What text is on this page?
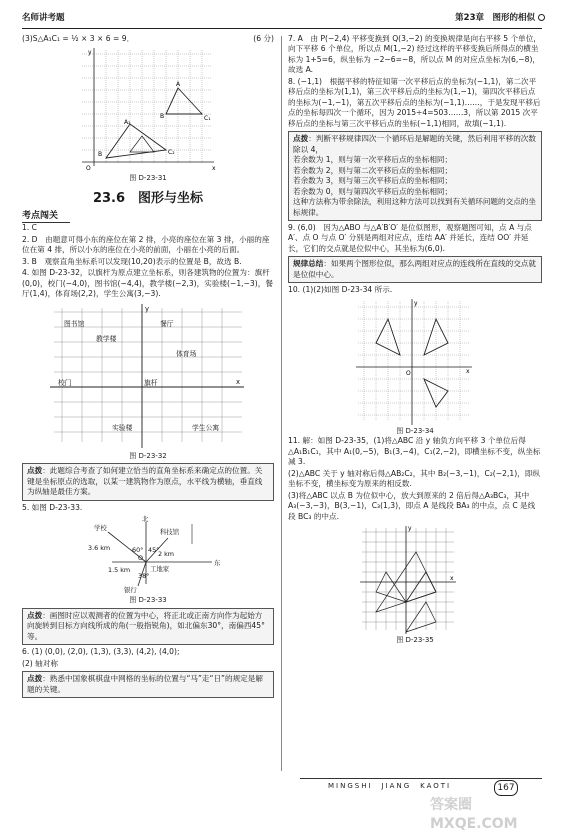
名师讲考题	第23章　图形的相似
(3)S△A₁C₁ = ½ × 3 × 6 = 9．	(6 分)
A
B	C₁
A₂
B	C₂
O	x
y
图 D-23-31
23.6　图形与坐标
考点闯关

1. C

2. D　由题意可得小东的座位在第 2 排，小亮的座位在第 3 排，小丽的座位在第 4 排，所以小东的座位在小亮的前面，小丽在小亮的后面。

3. B　观察直角坐标系可以发现(10,20)表示的位置是 B，故选 B.

4. 如图 D-23-32，以旗杆为原点建立坐标系，则各建筑物的位置为：旗杆(0,0)，校门(−4,0)，图书馆(−4,4)，教学楼(−2,3)，实验楼(−1,−3)，餐厅(1,4)，体育场(2,2)，学生公寓(3,−3).

图书馆	餐厅
教学楼
体育场
校门	旗杆
实验楼	学生公寓
y
x
图 D-23-32
点拨：此题综合考查了如何建立恰当的直角坐标系来确定点的位置。关键是坐标原点的选取，以某一建筑物作为原点，水平线为横轴，垂直线为纵轴是最佳方案。

5. 如图 D-23-33.

北
学校	科技馆
3.6 km
2 km
1.5 km
60° 45°
38°
东
工地家
银行
O
图 D-23-33
点拨：画图时应以观测者的位置为中心，将正北或正南方向作为起始方向旋转到目标方向线所成的角(一般指锐角)，如北偏东30°，南偏西45°等。

6. (1) (0,0), (2,0), (1,3), (3,3), (4,2), (4,0);

(2) 轴对称

点拨：熟悉中国象棋棋盘中网格的坐标的位置与“马”走“日”的规定是解题的关键。

7. A　由 P(−2,4) 平移变换到 Q(3,−2) 的变换规律是向右平移 5 个单位，向下平移 6 个单位，所以点 M(1,−2) 经过这样的平移变换后所得点的横坐标为 1+5=6，纵坐标为 −2−6=−8，所以点 M 的对应点坐标为(6,−8)，故选 A.

8. (−1,1)　根据平移的特征知第一次平移后点的坐标为(−1,1)，第二次平移后点的坐标为(1,1)，第三次平移后点的坐标为(1,−1)，第四次平移后点的坐标为(−1,−1)，第五次平移后点的坐标为(−1,1)……，于是发现平移后点的坐标每四次一个循环，因为 2015÷4=503……3，所以第 2015 次平移后点的坐标与第三次平移后点的坐标(−1,1)相同，故填(−1,1).

点拨：判断平移规律四次一个循环后是解题的关键，然后利用平移的次数除以 4，
若余数为 1，则与第一次平移后点的坐标相同；
若余数为 2，则与第二次平移后点的坐标相同；
若余数为 3，则与第三次平移后点的坐标相同；
若余数为 0，则与第四次平移后点的坐标相同；
这种方法称为带余除法，利用这种方法可以找到有关循环问题的交点的坐标规律。

9. (6,0)　因为△ABO 与△A′B′O′ 是位似图形，观察题图可知，点 A 与点 A′、点 O 与点 O′ 分别是两组对应点，连结 AA′ 并延长，连结 OO′ 并延长，它们的交点就是位似中心，其坐标为(6,0).

规律总结：如果两个图形位似，那么两组对应点的连线所在直线的交点就是位似中心。

10. (1)(2)如图 D-23-34 所示.

y
x
O
图 D-23-34

11. 解：如图 D-23-35，(1)将△ABC 沿 y 轴负方向平移 3 个单位后得△A₁B₁C₁，其中 A₁(0,−5)，B₁(3,−4)，C₁(2,−2)，即横坐标不变，纵坐标减 3.

(2)△ABC 关于 y 轴对称后得△AB₂C₂，其中 B₂(−3,−1)，C₂(−2,1)，即纵坐标不变，横坐标变为原来的相反数.

(3)将△ABC 以点 B 为位似中心，放大到原来的 2 倍后得△A₃BC₃，其中 A₃(−3,−3)，B(3,−1)，C₃(1,3)，即点 A 是线段 BA₃ 的中点，点 C 是线段 BC₃ 的中点.

y
x
图 D-23-35
MINGSHI　JIANG　KAOTI	167
答案圈 MXQE.COM
